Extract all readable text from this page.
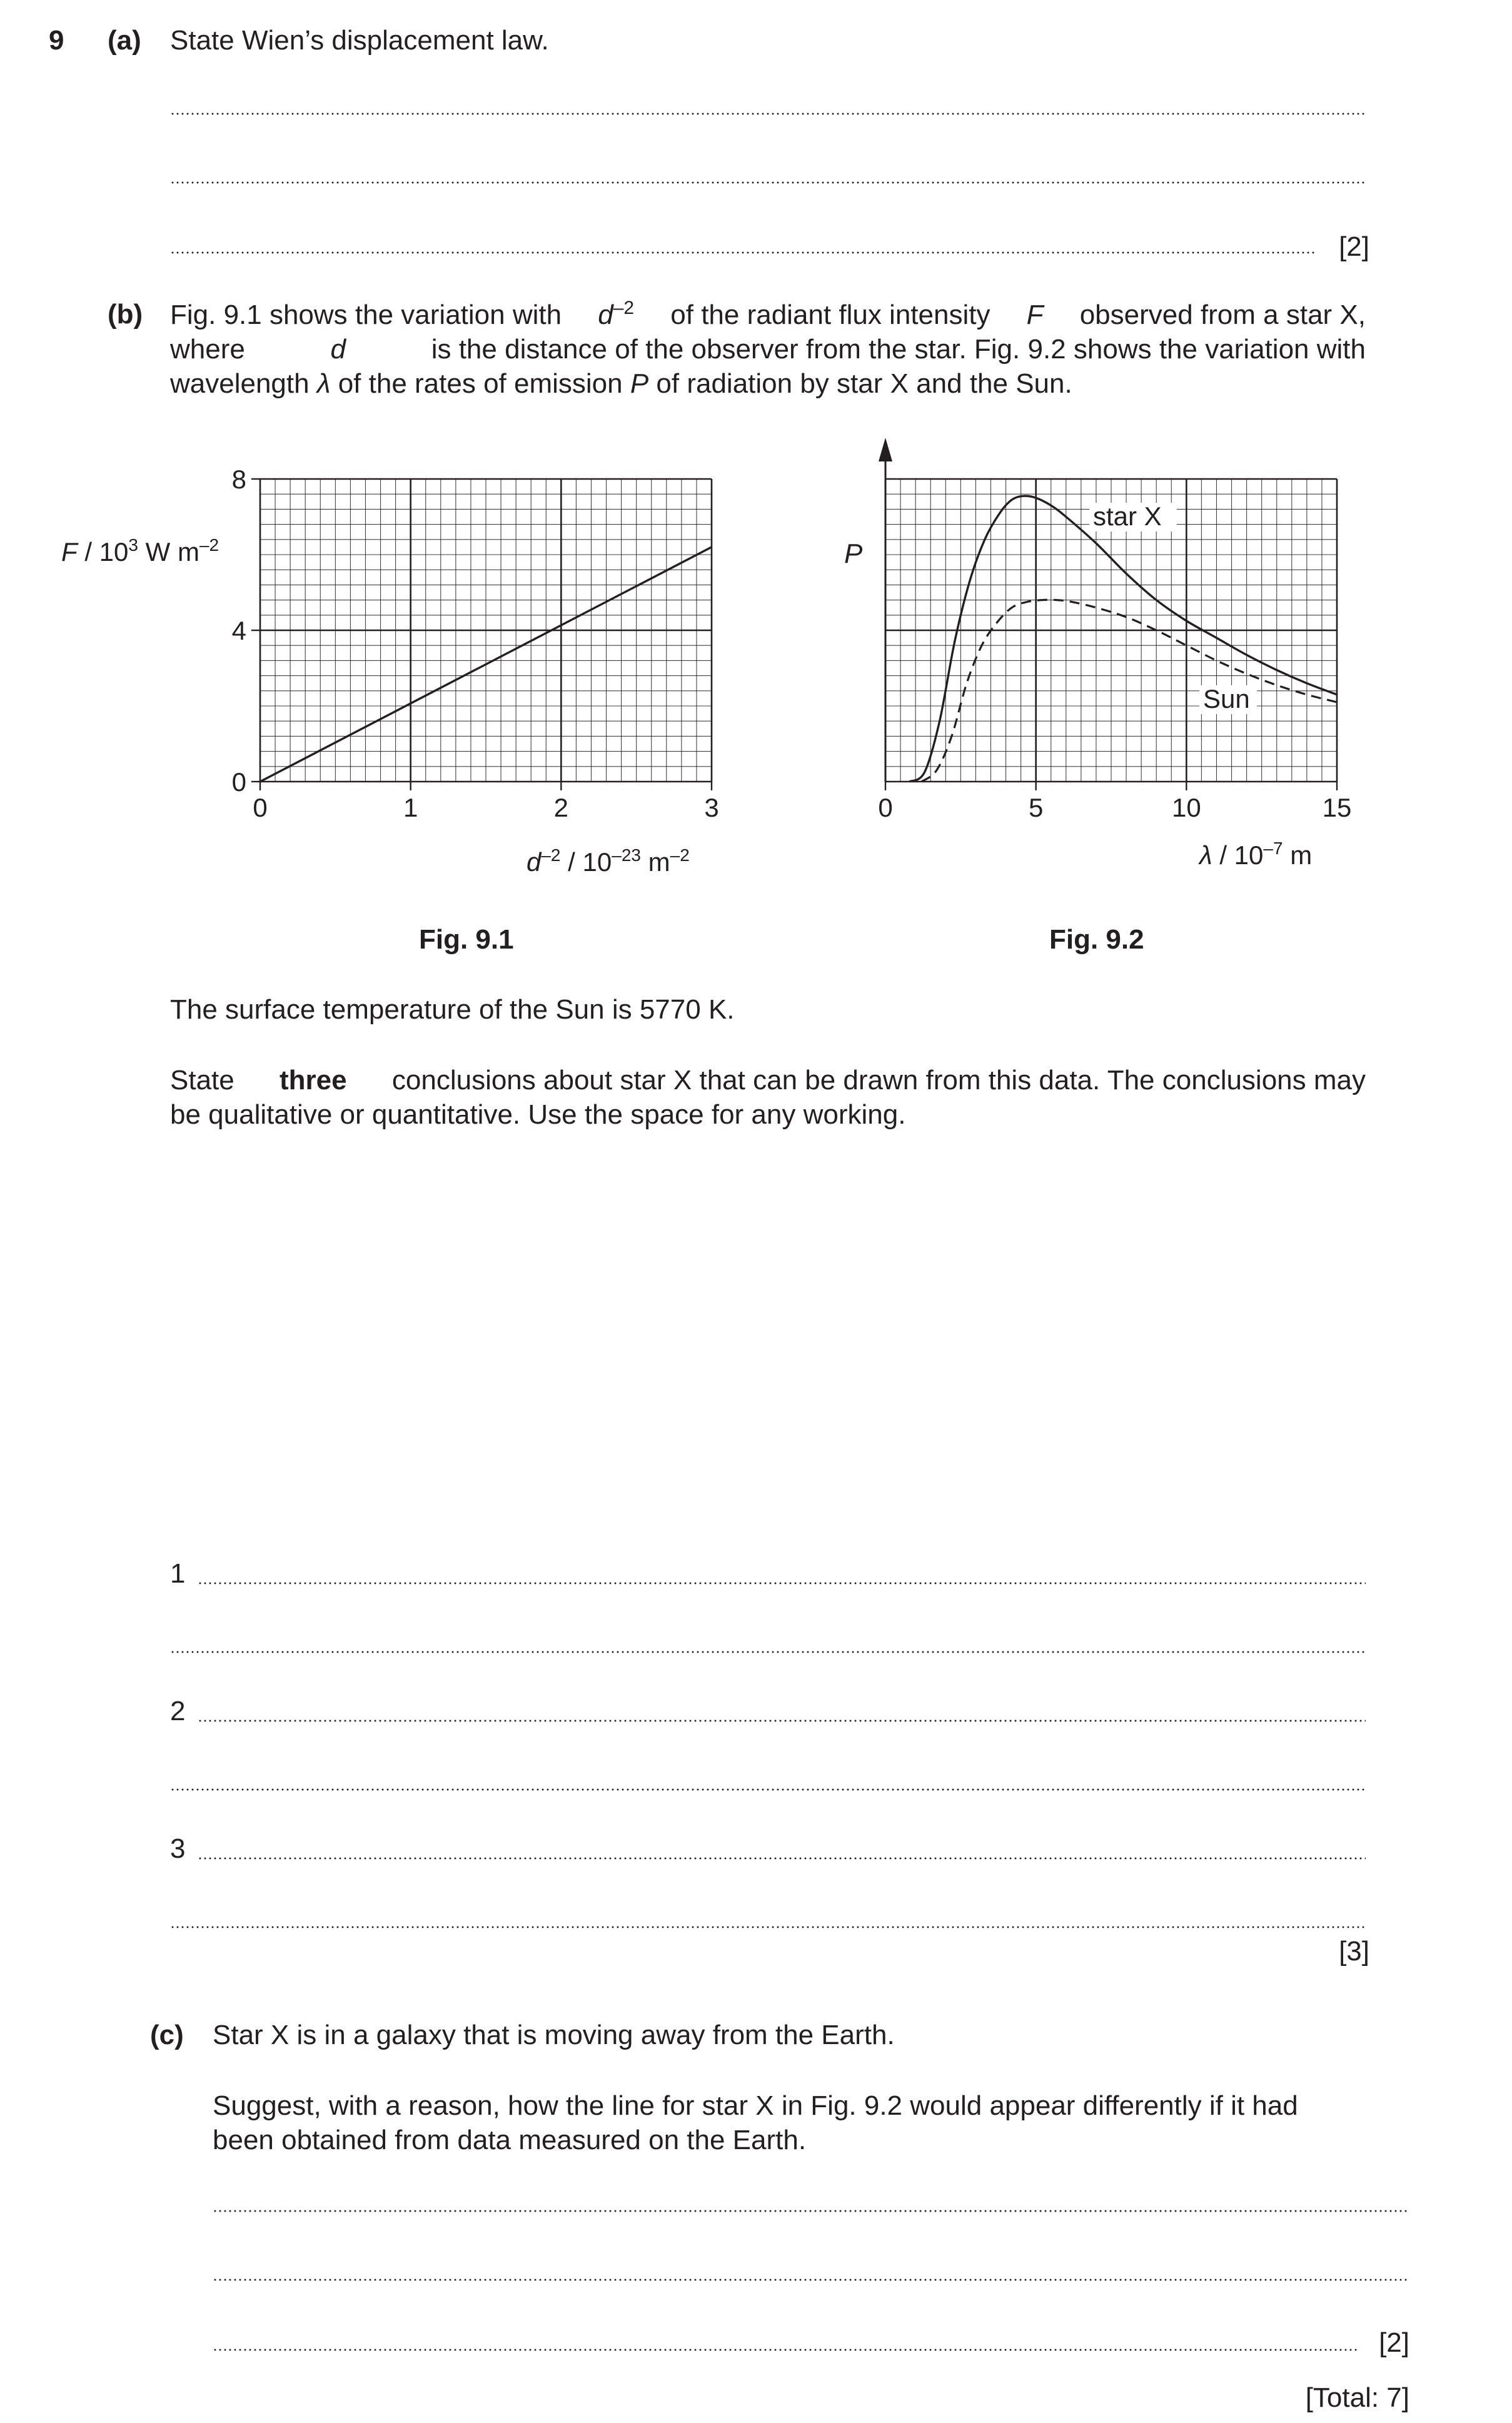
9 (a) State Wien’s displacement law.
[2]
(b) Fig. 9.1 shows the variation with $d^{-2}$ of the radiant flux intensity F observed from a star X,
where	d	is the distance of the observer from the star. Fig. 9.2 shows the variation with
wavelength λ of the rates of emission P of radiation by star X and the Sun.
0
4
8
0	1	2	3
F / $10^3$ W $m^{-2}$
$d^{-2} / 10^{-23}$ $m^{-2}$
0	5	10	15
star X
Sun
P
λ / $10^{-7}$ m
Fig. 9.1	Fig. 9.2
The surface temperature of the Sun is 5770 K.
State three conclusions about star X that can be drawn from this data. The conclusions may
be qualitative or quantitative. Use the space for any working.
1
2
3
[3]
(c) Star X is in a galaxy that is moving away from the Earth.
Suggest, with a reason, how the line for star X in Fig. 9.2 would appear differently if it had
been obtained from data measured on the Earth.
[2]
[Total: 7]
